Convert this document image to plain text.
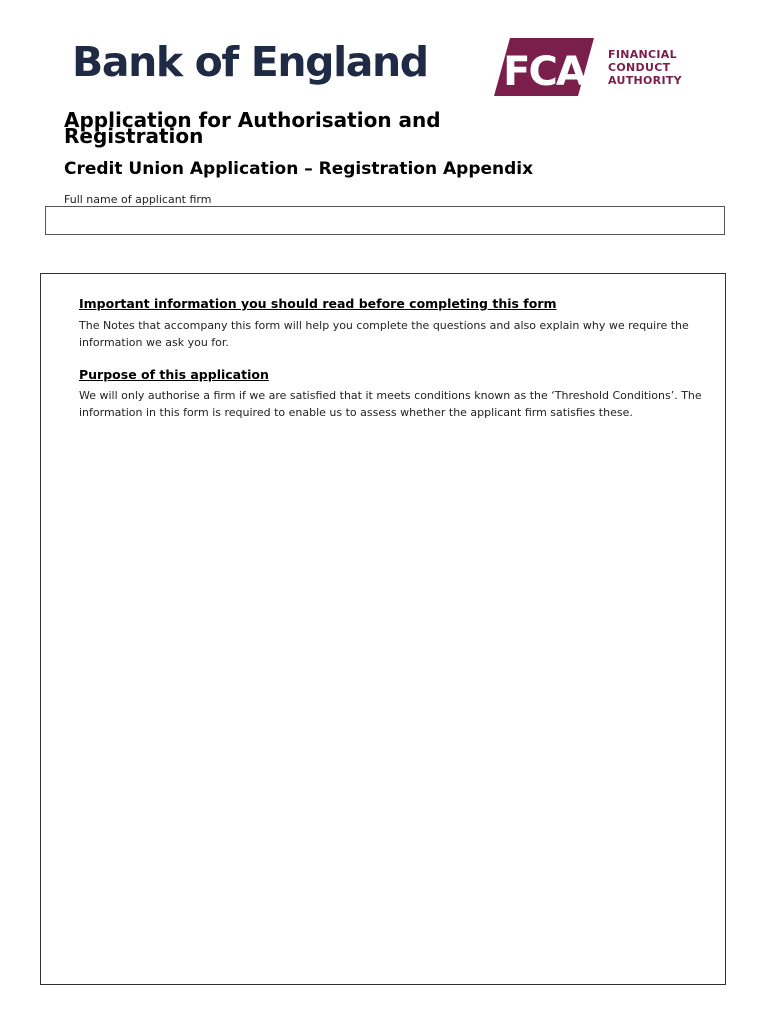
Bank of England FCA FINANCIAL
CONDUCT
AUTHORITY
Application for Authorisation and Registration
Credit Union Application – Registration Appendix
Full name of applicant firm
Important information you should read before completing this form

The Notes that accompany this form will help you complete the questions and also explain why we require the information we ask you for.

Purpose of this application

We will only authorise a firm if we are satisfied that it meets conditions known as the ‘Threshold Conditions’. The information in this form is required to enable us to assess whether the applicant firm satisfies these.
